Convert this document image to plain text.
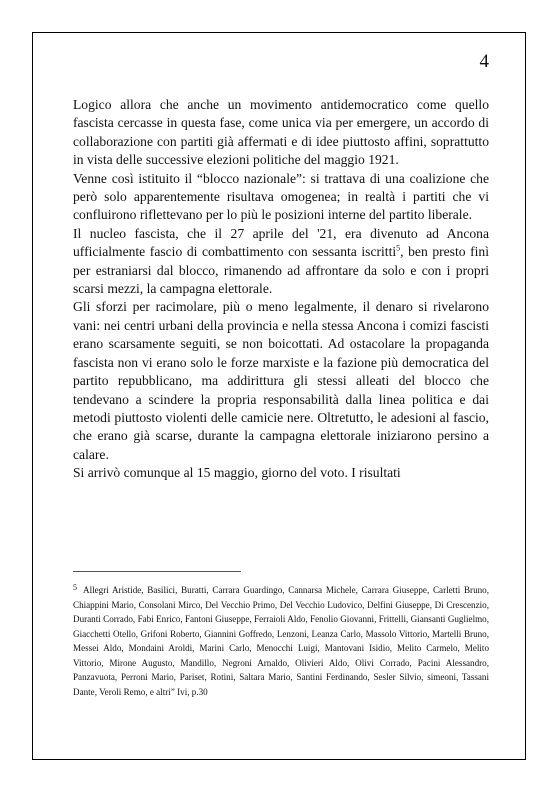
4

Logico allora che anche un movimento antidemocratico come quello fascista cercasse in questa fase, come unica via per emergere, un accordo di collaborazione con partiti già affermati e di idee piuttosto affini, soprattutto in vista delle successive elezioni politiche del maggio 1921.

Venne così istituito il “blocco nazionale”: si trattava di una coalizione che però solo apparentemente risultava omogenea; in realtà i partiti che vi confluirono riflettevano per lo più le posizioni interne del partito liberale.

Il nucleo fascista, che il 27 aprile del '21, era divenuto ad Ancona ufficialmente fascio di combattimento con sessanta iscritti$^5$, ben presto finì per estraniarsi dal blocco, rimanendo ad affrontare da solo e con i propri scarsi mezzi, la campagna elettorale.

Gli sforzi per racimolare, più o meno legalmente, il denaro si rivelarono vani: nei centri urbani della provincia e nella stessa Ancona i comizi fascisti erano scarsamente seguiti, se non boicottati. Ad ostacolare la propaganda fascista non vi erano solo le forze marxiste e la fazione più democratica del partito repubblicano, ma addirittura gli stessi alleati del blocco che tendevano a scindere la propria responsabilità dalla linea politica e dai metodi piuttosto violenti delle camicie nere. Oltretutto, le adesioni al fascio, che erano già scarse, durante la campagna elettorale iniziarono persino a calare.

Si arrivò comunque al 15 maggio, giorno del voto. I risultati

5 Allegri Aristide, Basilici, Buratti, Carrara Guardingo, Cannarsa Michele, Carrara Giuseppe, Carletti Bruno, Chiappini Mario, Consolani Mirco, Del Vecchio Primo, Del Vecchio Ludovico, Delfini Giuseppe, Di Crescenzio, Duranti Corrado, Fabi Enrico, Fantoni Giuseppe, Ferraioli Aldo, Fenolio Giovanni, Frittelli, Giansanti Guglielmo, Giacchetti Otello, Grifoni Roberto, Giannini Goffredo, Lenzoni, Leanza Carlo, Massolo Vittorio, Martelli Bruno, Messei Aldo, Mondaini Aroldi, Marini Carlo, Menocchi Luigi, Mantovani Isidio, Melito Carmelo, Melito Vittorio, Mirone Augusto, Mandillo, Negroni Arnaldo, Olivieri Aldo, Olivi Corrado, Pacini Alessandro, Panzavuota, Perroni Mario, Pariset, Rotini, Saltara Mario, Santini Ferdinando, Sesler Silvio, simeoni, Tassani Dante, Veroli Remo, e altri” Ivi, p.30
